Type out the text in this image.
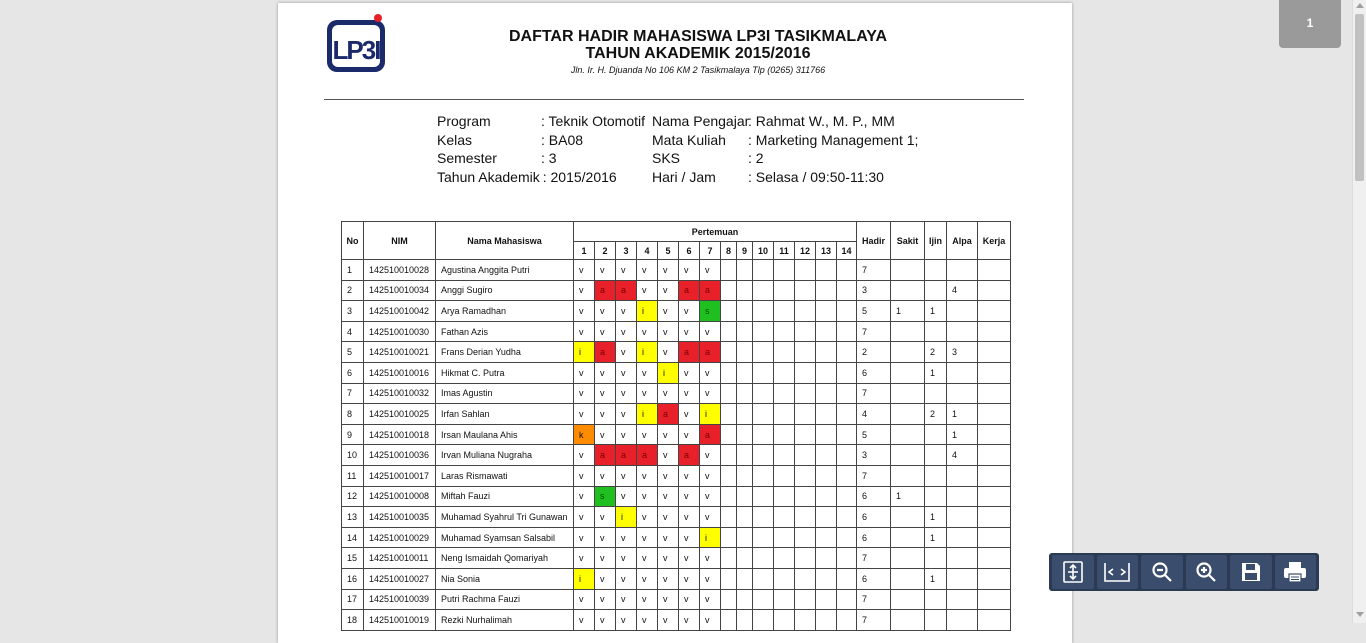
LP3I	DAFTAR HADIR MAHASISWA LP3I TASIKMALAYA
TAHUN AKADEMIK 2015/2016
Jln. Ir. H. Djuanda No 106 KM 2 Tasikmalaya Tlp (0265) 311766
Program	: Teknik Otomotif
Kelas	: BA08
Semester	: 3
Tahun Akademik : 2015/2016
Nama Pengajar: Rahmat W., M. P., MM
Mata Kuliah : Marketing Management 1;
SKS	: 2
Hari / Jam : Selasa / 09:50-11:30
No	NIM	Nama Mahasiswa	Pertemuan														Hadir	Sakit	Ijin	Alpa	Kerja
			1	2	3	4	5	6	7	8	9	10	11	12	13	14					
1	142510010028	Agustina Anggita Putri	v	v	v	v	v	v	v								7				
2	142510010034	Anggi Sugiro	v	a	a	v	v	a	a								3			4	
3	142510010042	Arya Ramadhan	v	v	v	i	v	v	s								5	1	1		
4	142510010030	Fathan Azis	v	v	v	v	v	v	v								7				
5	142510010021	Frans Derian Yudha	i	a	v	i	v	a	a								2		2	3	
6	142510010016	Hikmat C. Putra	v	v	v	v	i	v	v								6		1		
7	142510010032	Imas Agustin	v	v	v	v	v	v	v								7				
8	142510010025	Irfan Sahlan	v	v	v	i	a	v	i								4		2	1	
9	142510010018	Irsan Maulana Ahis	k	v	v	v	v	v	a								5			1	
10	142510010036	Irvan Muliana Nugraha	v	a	a	a	v	a	v								3			4	
11	142510010017	Laras Rismawati	v	v	v	v	v	v	v								7				
12	142510010008	Miftah Fauzi	v	s	v	v	v	v	v								6	1			
13	142510010035	Muhamad Syahrul Tri Gunawan	v	v	i	v	v	v	v								6		1		
14	142510010029	Muhamad Syamsan Salsabil	v	v	v	v	v	v	i								6		1		
15	142510010011	Neng Ismaidah Qomariyah	v	v	v	v	v	v	v								7				
16	142510010027	Nia Sonia	i	v	v	v	v	v	v								6		1		
17	142510010039	Putri Rachma Fauzi	v	v	v	v	v	v	v								7				
18	142510010019	Rezki Nurhalimah	v	v	v	v	v	v	v								7				
1
